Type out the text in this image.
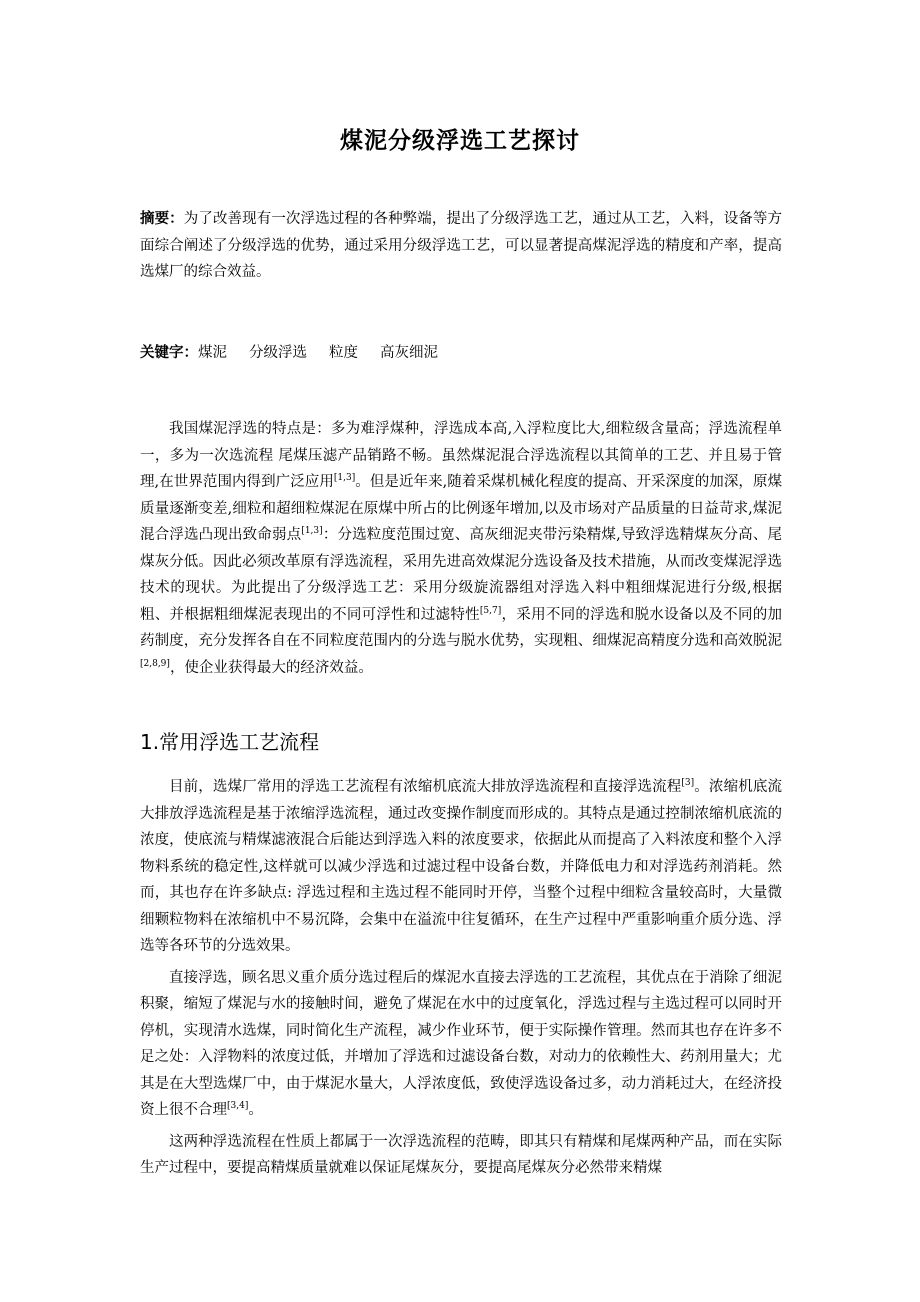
煤泥分级浮选工艺探讨
摘要：为了改善现有一次浮选过程的各种弊端，提出了分级浮选工艺，通过从工艺，入料，设备等方面综合阐述了分级浮选的优势，通过采用分级浮选工艺，可以显著提高煤泥浮选的精度和产率，提高选煤厂的综合效益。
关键字：煤泥 分级浮选 粒度 高灰细泥

我国煤泥浮选的特点是：多为难浮煤种，浮选成本高,入浮粒度比大,细粒级含量高；浮选流程单一，多为一次选流程 尾煤压滤产品销路不畅。虽然煤泥混合浮选流程以其简单的工艺、并且易于管理,在世界范围内得到广泛应用[1,3]。但是近年来,随着采煤机械化程度的提高、开采深度的加深，原煤质量逐渐变差,细粒和超细粒煤泥在原煤中所占的比例逐年增加,以及市场对产品质量的日益苛求,煤泥混合浮选凸现出致命弱点[1,3]：分选粒度范围过宽、高灰细泥夹带污染精煤,导致浮选精煤灰分高、尾煤灰分低。因此必须改革原有浮选流程，采用先进高效煤泥分选设备及技术措施，从而改变煤泥浮选技术的现状。为此提出了分级浮选工艺：采用分级旋流器组对浮选入料中粗细煤泥进行分级,根据粗、并根据粗细煤泥表现出的不同可浮性和过滤特性[5,7]，采用不同的浮选和脱水设备以及不同的加药制度，充分发挥各自在不同粒度范围内的分选与脱水优势，实现粗、细煤泥高精度分选和高效脱泥[2,8,9]，使企业获得最大的经济效益。

1.常用浮选工艺流程

目前，选煤厂常用的浮选工艺流程有浓缩机底流大排放浮选流程和直接浮选流程[3]。浓缩机底流大排放浮选流程是基于浓缩浮选流程，通过改变操作制度而形成的。其特点是通过控制浓缩机底流的浓度，使底流与精煤滤液混合后能达到浮选入料的浓度要求，依据此从而提高了入料浓度和整个入浮物料系统的稳定性,这样就可以减少浮选和过滤过程中设备台数，并降低电力和对浮选药剂消耗。然而，其也存在许多缺点: 浮选过程和主选过程不能同时开停，当整个过程中细粒含量较高时，大量微细颗粒物料在浓缩机中不易沉降，会集中在溢流中往复循环，在生产过程中严重影响重介质分选、浮选等各环节的分选效果。

直接浮选，顾名思义重介质分选过程后的煤泥水直接去浮选的工艺流程，其优点在于消除了细泥积聚，缩短了煤泥与水的接触时间，避免了煤泥在水中的过度氧化，浮选过程与主选过程可以同时开停机，实现清水选煤，同时简化生产流程，减少作业环节，便于实际操作管理。然而其也存在许多不足之处：入浮物料的浓度过低，并增加了浮选和过滤设备台数，对动力的依赖性大、药剂用量大；尤其是在大型选煤厂中，由于煤泥水量大，人浮浓度低，致使浮选设备过多，动力消耗过大，在经济投资上很不合理[3,4]。

这两种浮选流程在性质上都属于一次浮选流程的范畴，即其只有精煤和尾煤两种产品，而在实际生产过程中，要提高精煤质量就难以保证尾煤灰分，要提高尾煤灰分必然带来精煤
